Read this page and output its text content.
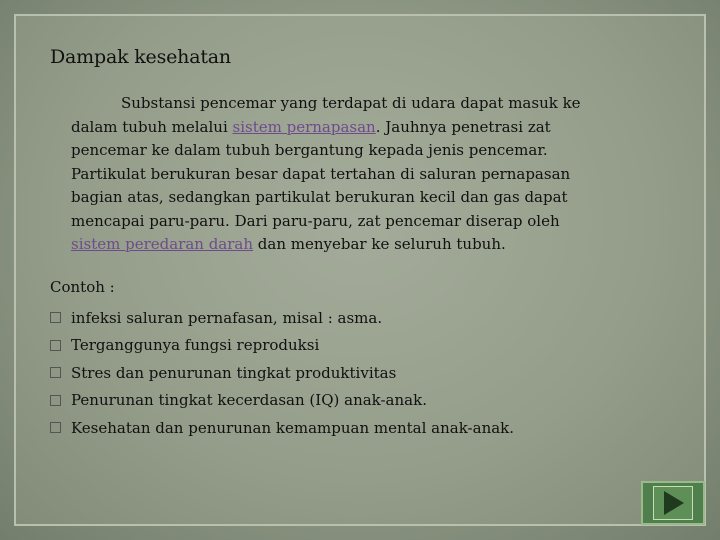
Dampak kesehatan
Substansi pencemar yang terdapat di udara dapat masuk ke dalam tubuh melalui sistem pernapasan. Jauhnya penetrasi zat pencemar ke dalam tubuh bergantung kepada jenis pencemar. Partikulat berukuran besar dapat tertahan di saluran pernapasan bagian atas, sedangkan partikulat berukuran kecil dan gas dapat mencapai paru-paru. Dari paru-paru, zat pencemar diserap oleh sistem peredaran darah dan menyebar ke seluruh tubuh.
Contoh :
infeksi saluran pernafasan, misal : asma.
Terganggunya fungsi reproduksi
Stres dan penurunan tingkat produktivitas
Penurunan tingkat kecerdasan (IQ) anak-anak.
Kesehatan dan penurunan kemampuan mental anak-anak.
